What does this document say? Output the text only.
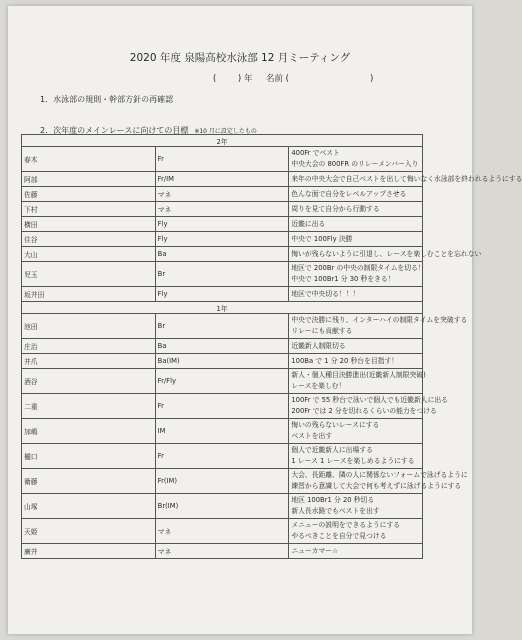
2020 年度 泉陽高校水泳部 12 月ミーティング
(        ) 年     名前 (                              )
1．水泳部の規則・幹部方針の再確認
2．次年度のメインレースに向けての目標 ※10 月に設定したもの
2年		
春木	Fr	400Fr でベスト
中央大会の 800FR のリレーメンバー入り

阿部	Fr/IM	来年の中央大会で自己ベストを出して悔いなく水泳部を終われるようにする

佐藤	マネ	色んな面で自分をレベルアップさせる

下村	マネ	周りを見て自分から行動する

横田	Fly	近畿に出る

住谷	Fly	中央で 100Fly 決勝

大山	Ba	悔いが残らないように引退し、レースを楽しむことを忘れない

児玉	Br	地区で 200Br の中央の制限タイムを切る！
中央で 100Br1 分 30 秒をきる！

坂井田	Fly	地区で中央切る！！！

1年		
池田	Br	中央で決勝に残り、インターハイの制限タイムを突破する
リレーにも貢献する

庄治	Ba	近畿新人制限切る

井爪	Ba(IM)	100Ba で 1 分 20 秒台を目指す！

酒谷	Fr/Fly	新人・個人種目決勝進出(近畿新人制限突破)
レースを楽しむ！

二重	Fr	100Fr で 55 秒台で泳いで個人でも近畿新人に出る
200Fr では 2 分を切れるくらいの能力をつける

加嶋	IM	悔いの残らないレースにする
ベストを出す

樋口	Fr	個人で近畿新人に出場する
1 レース 1 レースを楽しめるようにする

衛藤	Fr(IM)	大会、長距離、隣の人に関係ないフォームで泳げるように
練習から意識して大会で何も考えずに泳げるようにする

山塚	Br(IM)	地区 100Br1 分 20 秒切る
新人長水路でもベストを出す

天姫	マネ	メニューの説明をできるようにする
やるべきことを自分で見つける

廣井	マネ	ニューカマー☆
